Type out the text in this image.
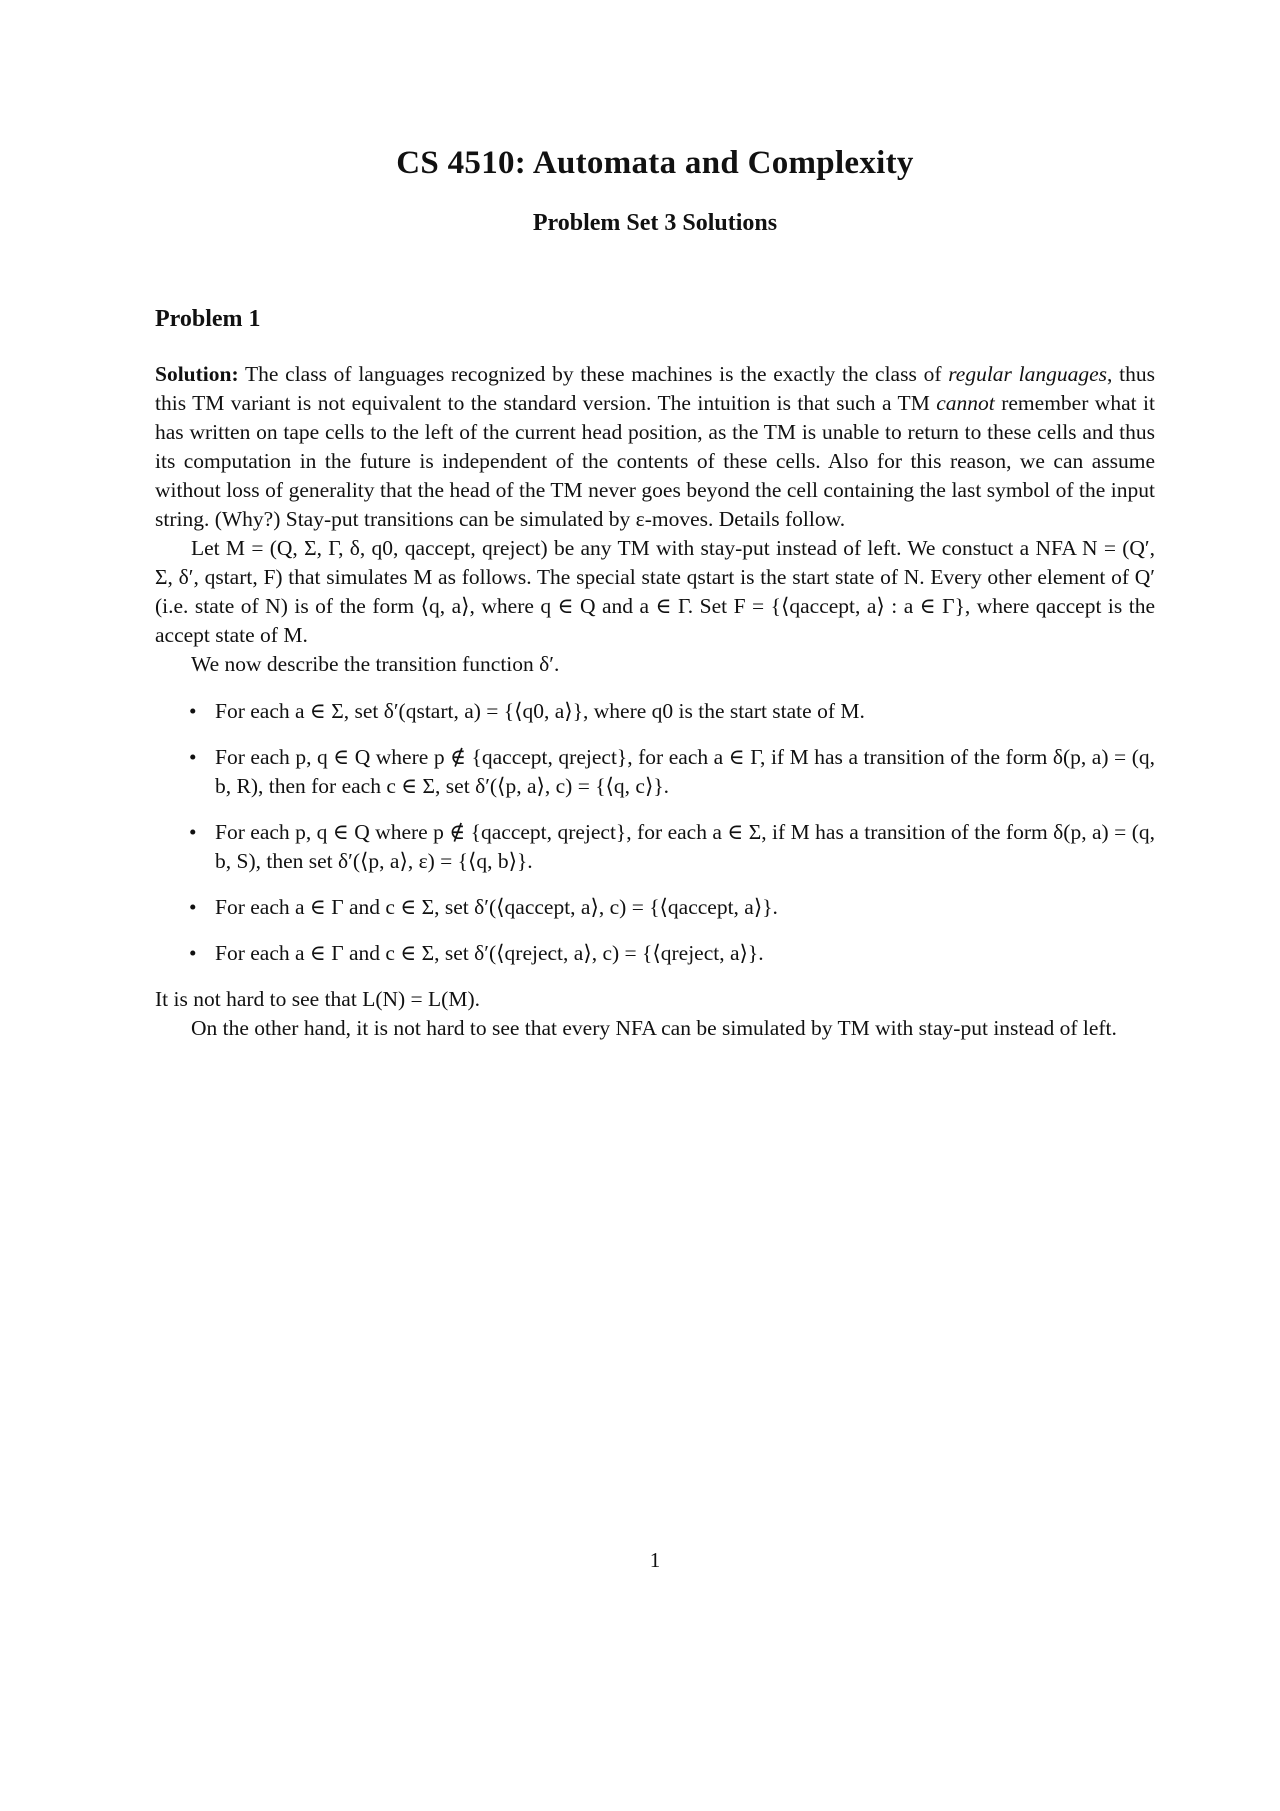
CS 4510: Automata and Complexity
Problem Set 3 Solutions
Problem 1

Solution: The class of languages recognized by these machines is the exactly the class of regular languages, thus this TM variant is not equivalent to the standard version. The intuition is that such a TM cannot remember what it has written on tape cells to the left of the current head position, as the TM is unable to return to these cells and thus its computation in the future is independent of the contents of these cells. Also for this reason, we can assume without loss of generality that the head of the TM never goes beyond the cell containing the last symbol of the input string. (Why?) Stay-put transitions can be simulated by ε-moves. Details follow.

Let M = (Q, Σ, Γ, δ, q0, qaccept, qreject) be any TM with stay-put instead of left. We constuct a NFA N = (Q′, Σ, δ′, qstart, F) that simulates M as follows. The special state qstart is the start state of N. Every other element of Q′ (i.e. state of N) is of the form ⟨q, a⟩, where q ∈ Q and a ∈ Γ. Set F = {⟨qaccept, a⟩ : a ∈ Γ}, where qaccept is the accept state of M.

We now describe the transition function δ′.

• For each a ∈ Σ, set δ′(qstart, a) = {⟨q0, a⟩}, where q0 is the start state of M.
• For each p, q ∈ Q where p ∉ {qaccept, qreject}, for each a ∈ Γ, if M has a transition of the form δ(p, a) = (q, b, R), then for each c ∈ Σ, set δ′(⟨p, a⟩, c) = {⟨q, c⟩}.
• For each p, q ∈ Q where p ∉ {qaccept, qreject}, for each a ∈ Σ, if M has a transition of the form δ(p, a) = (q, b, S), then set δ′(⟨p, a⟩, ε) = {⟨q, b⟩}.
• For each a ∈ Γ and c ∈ Σ, set δ′(⟨qaccept, a⟩, c) = {⟨qaccept, a⟩}.
• For each a ∈ Γ and c ∈ Σ, set δ′(⟨qreject, a⟩, c) = {⟨qreject, a⟩}.

It is not hard to see that L(N) = L(M).

On the other hand, it is not hard to see that every NFA can be simulated by TM with stay-put instead of left.

1
